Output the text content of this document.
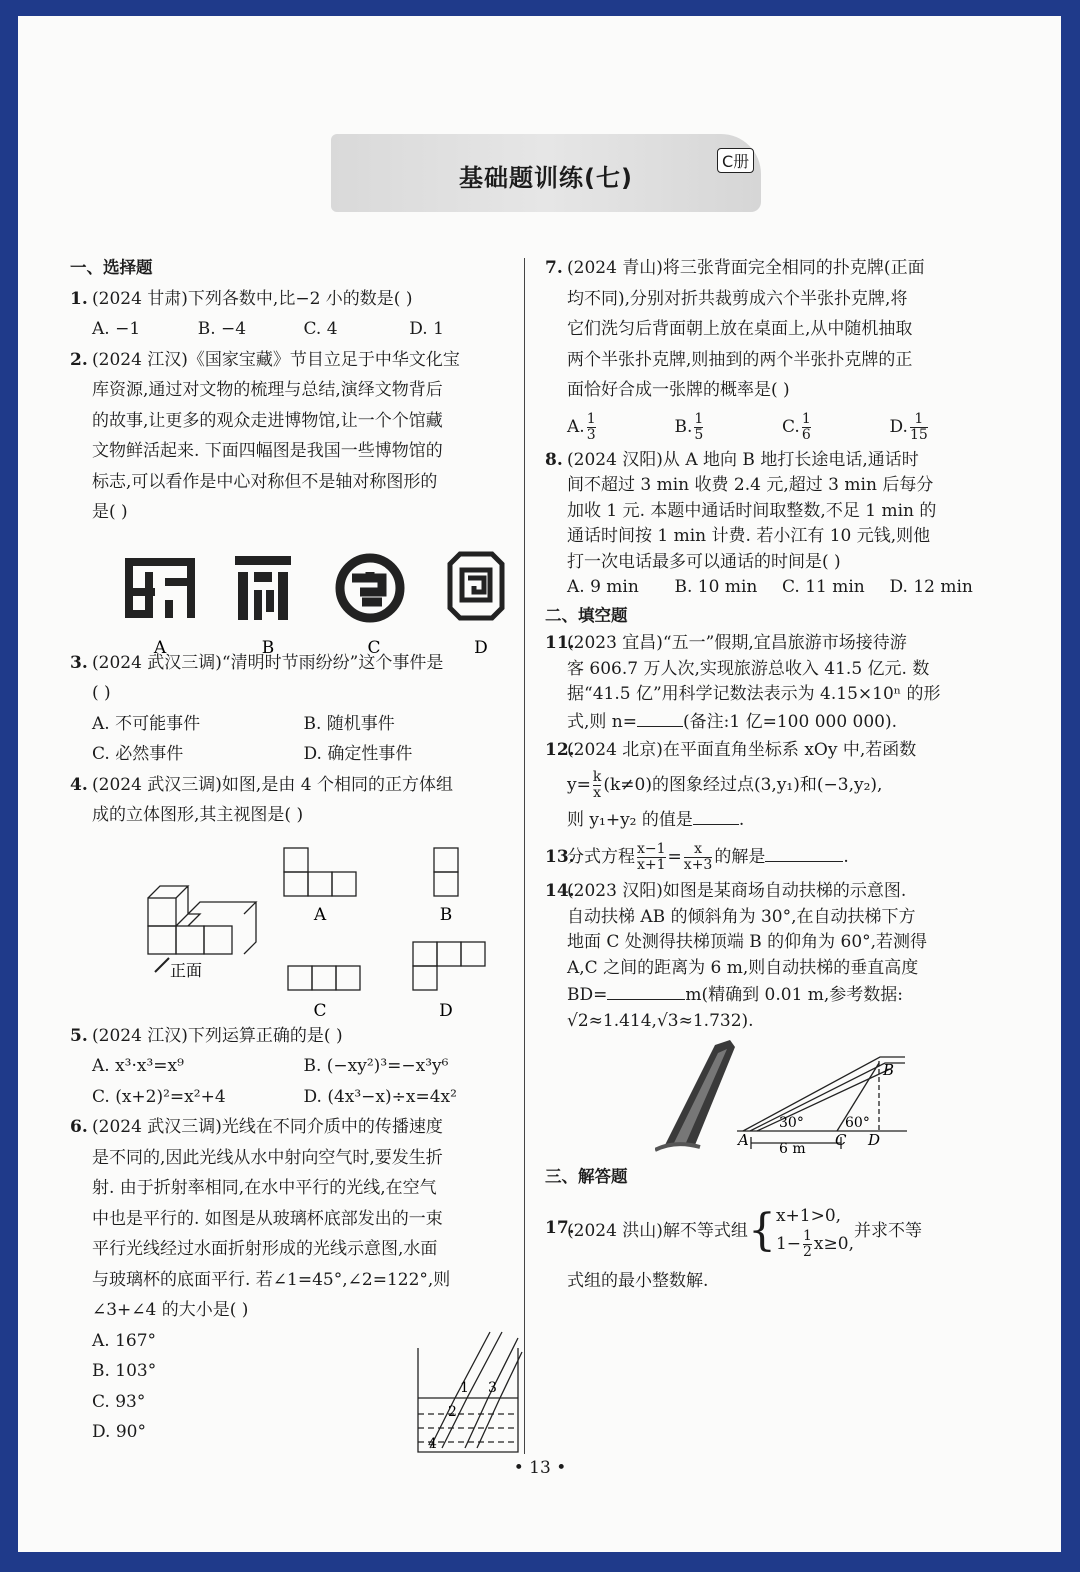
基础题训练(七)
C册
一、选择题
1. (2024 甘肃)下列各数中,比−2 小的数是( )
A. −1	B. −4	C. 4	D. 1
2. (2024 江汉)《国家宝藏》节目立足于中华文化宝
库资源,通过对文物的梳理与总结,演绎文物背后
的故事,让更多的观众走进博物馆,让一个个馆藏
文物鲜活起来. 下面四幅图是我国一些博物馆的
标志,可以看作是中心对称但不是轴对称图形的
是( )
3. (2024 武汉三调)“清明时节雨纷纷”这个事件是
( )
A. 不可能事件	B. 随机事件
C. 必然事件	D. 确定性事件
4. (2024 武汉三调)如图,是由 4 个相同的正方体组
成的立体图形,其主视图是( )
5. (2024 江汉)下列运算正确的是( )
A. x³·x³=x⁹	B. (−xy²)³=−x³y⁶
C. (x+2)²=x²+4	D. (4x³−x)÷x=4x²
6. (2024 武汉三调)光线在不同介质中的传播速度
是不同的,因此光线从水中射向空气时,要发生折
射. 由于折射率相同,在水中平行的光线,在空气
中也是平行的. 如图是从玻璃杯底部发出的一束
平行光线经过水面折射形成的光线示意图,水面
与玻璃杯的底面平行. 若∠1=45°,∠2=122°,则
∠3+∠4 的大小是( )
A. 167°
B. 103°
C. 93°
D. 90°
A	B	C	D
正面
A	B
C	D
1
2
3
4
7. (2024 青山)将三张背面完全相同的扑克牌(正面
均不同),分别对折共裁剪成六个半张扑克牌,将
它们洗匀后背面朝上放在桌面上,从中随机抽取
两个半张扑克牌,则抽到的两个半张扑克牌的正
面恰好合成一张牌的概率是( )
A. $\frac{1}{3}$	B. $\frac{1}{5}$	C. $\frac{1}{6}$	D. $\frac{1}{15}$
8. (2024 汉阳)从 A 地向 B 地打长途电话,通话时
间不超过 3 min 收费 2.4 元,超过 3 min 后每分
加收 1 元. 本题中通话时间取整数,不足 1 min 的
通话时间按 1 min 计费. 若小江有 10 元钱,则他
打一次电话最多可以通话的时间是( )
A. 9 min	B. 10 min	C. 11 min	D. 12 min
二、填空题
11.
(2023 宜昌)“五一”假期,宜昌旅游市场接待游
客 606.7 万人次,实现旅游总收入 41.5 亿元. 数
据“41.5 亿”用科学记数法表示为 4.15×10ⁿ 的形
式,则 n=	(备注:1 亿=100 000 000).
12.
(2024 北京)在平面直角坐标系 xOy 中,若函数
$y= \frac{k}{x} (k\ne 0)$的图象经过点(3,y₁)和(−3,y₂),
则 y₁+y₂ 的值是	.
13.
分式方程 $\frac{x-1}{x+1} = \frac{x}{x+3}$ 的解是	.
14.
(2023 汉阳)如图是某商场自动扶梯的示意图.
自动扶梯 AB 的倾斜角为 30°,在自动扶梯下方
地面 C 处测得扶梯顶端 B 的仰角为 60°,若测得
A,C 之间的距离为 6 m,则自动扶梯的垂直高度
BD=	m(精确到 0.01 m,参考数据:
√2≈1.414,√3≈1.732).
三、解答题
17.
(2024 洪山)解不等式组 { x+1>0,
$1- \frac{1}{2} x\ge 0$,
并求不等
式组的最小整数解.
B
A	C D
30°	60°
6 m
• 13 •
